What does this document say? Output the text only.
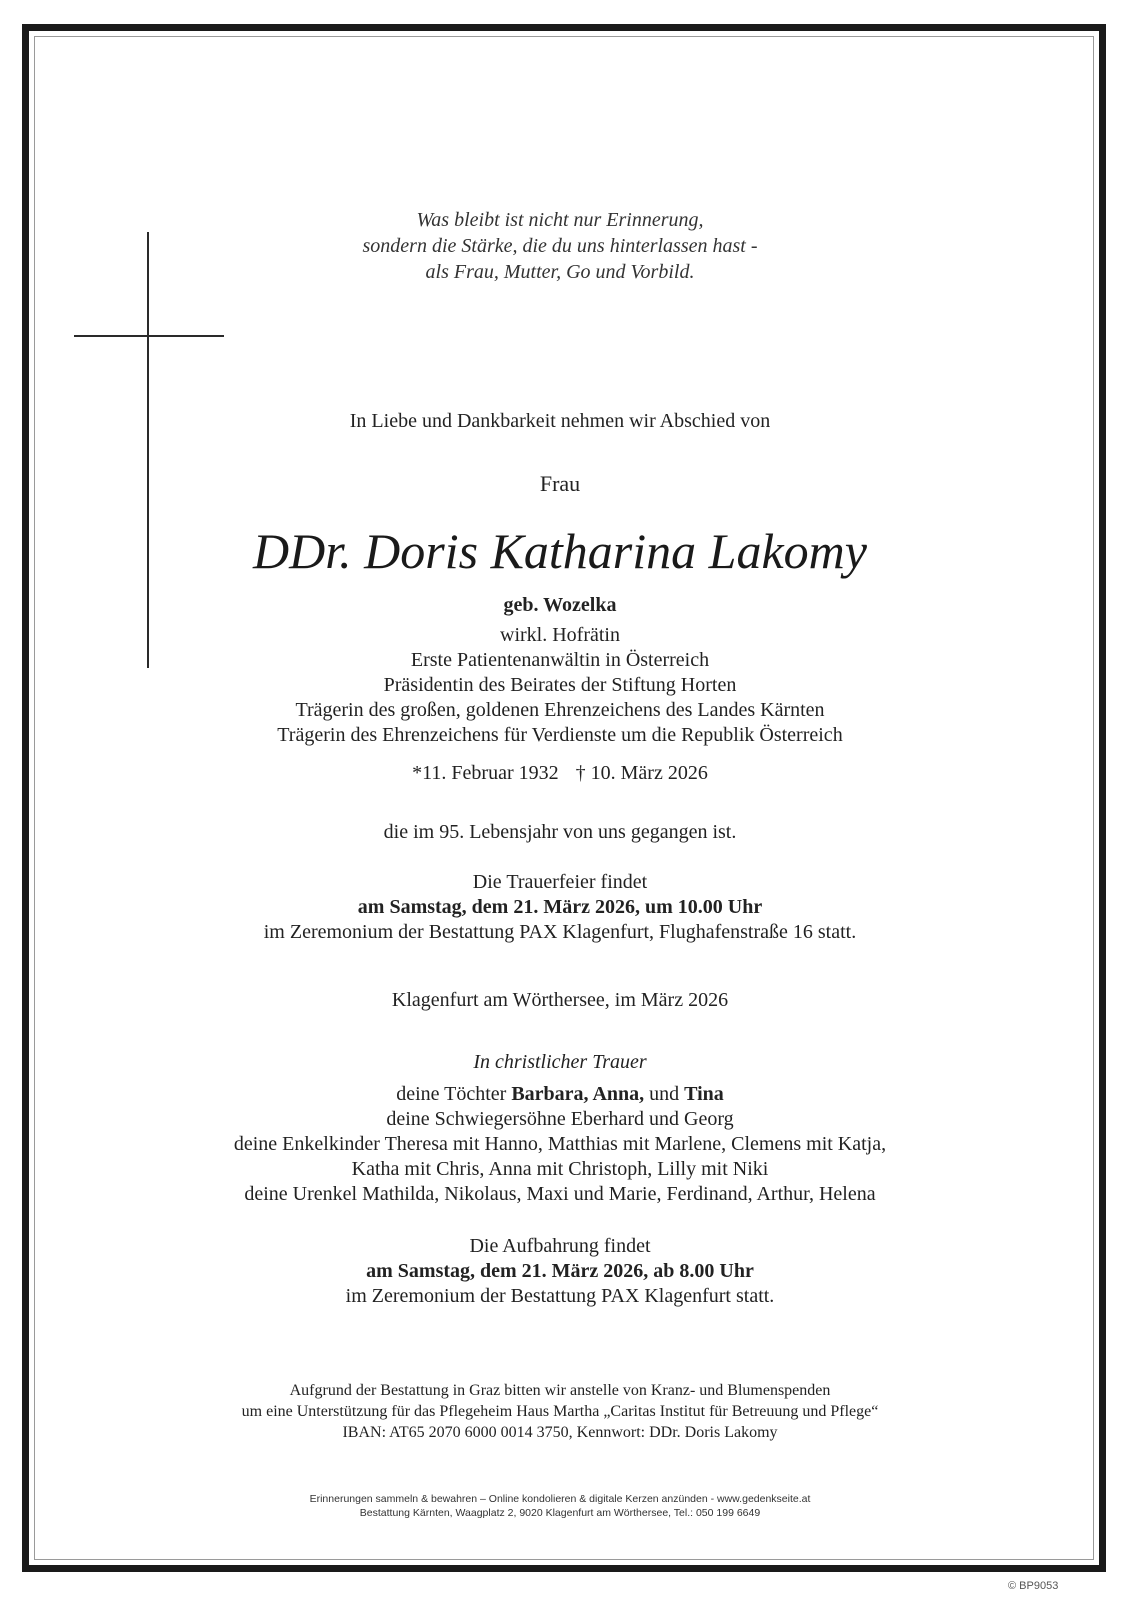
Was bleibt ist nicht nur Erinnerung,
sondern die Stärke, die du uns hinterlassen hast -
als Frau, Mutter, Go und Vorbild.
In Liebe und Dankbarkeit nehmen wir Abschied von
Frau
DDr. Doris Katharina Lakomy
geb. Wozelka
wirkl. Hofrätin
Erste Patientenanwältin in Österreich
Präsidentin des Beirates der Stiftung Horten
Trägerin des großen, goldenen Ehrenzeichens des Landes Kärnten
Trägerin des Ehrenzeichens für Verdienste um die Republik Österreich
*11. Februar 1932 † 10. März 2026
die im 95. Lebensjahr von uns gegangen ist.
Die Trauerfeier findet
am Samstag, dem 21. März 2026, um 10.00 Uhr
im Zeremonium der Bestattung PAX Klagenfurt, Flughafenstraße 16 statt.
Klagenfurt am Wörthersee, im März 2026
In christlicher Trauer
deine Töchter Barbara, Anna, und Tina
deine Schwiegersöhne Eberhard und Georg
deine Enkelkinder Theresa mit Hanno, Matthias mit Marlene, Clemens mit Katja,
Katha mit Chris, Anna mit Christoph, Lilly mit Niki
deine Urenkel Mathilda, Nikolaus, Maxi und Marie, Ferdinand, Arthur, Helena
Die Aufbahrung findet
am Samstag, dem 21. März 2026, ab 8.00 Uhr
im Zeremonium der Bestattung PAX Klagenfurt statt.
Aufgrund der Bestattung in Graz bitten wir anstelle von Kranz- und Blumenspenden
um eine Unterstützung für das Pflegeheim Haus Martha „Caritas Institut für Betreuung und Pflege“
IBAN: AT65 2070 6000 0014 3750, Kennwort: DDr. Doris Lakomy
Erinnerungen sammeln & bewahren – Online kondolieren & digitale Kerzen anzünden - www.gedenkseite.at
Bestattung Kärnten, Waagplatz 2, 9020 Klagenfurt am Wörthersee, Tel.: 050 199 6649
© BP9053
